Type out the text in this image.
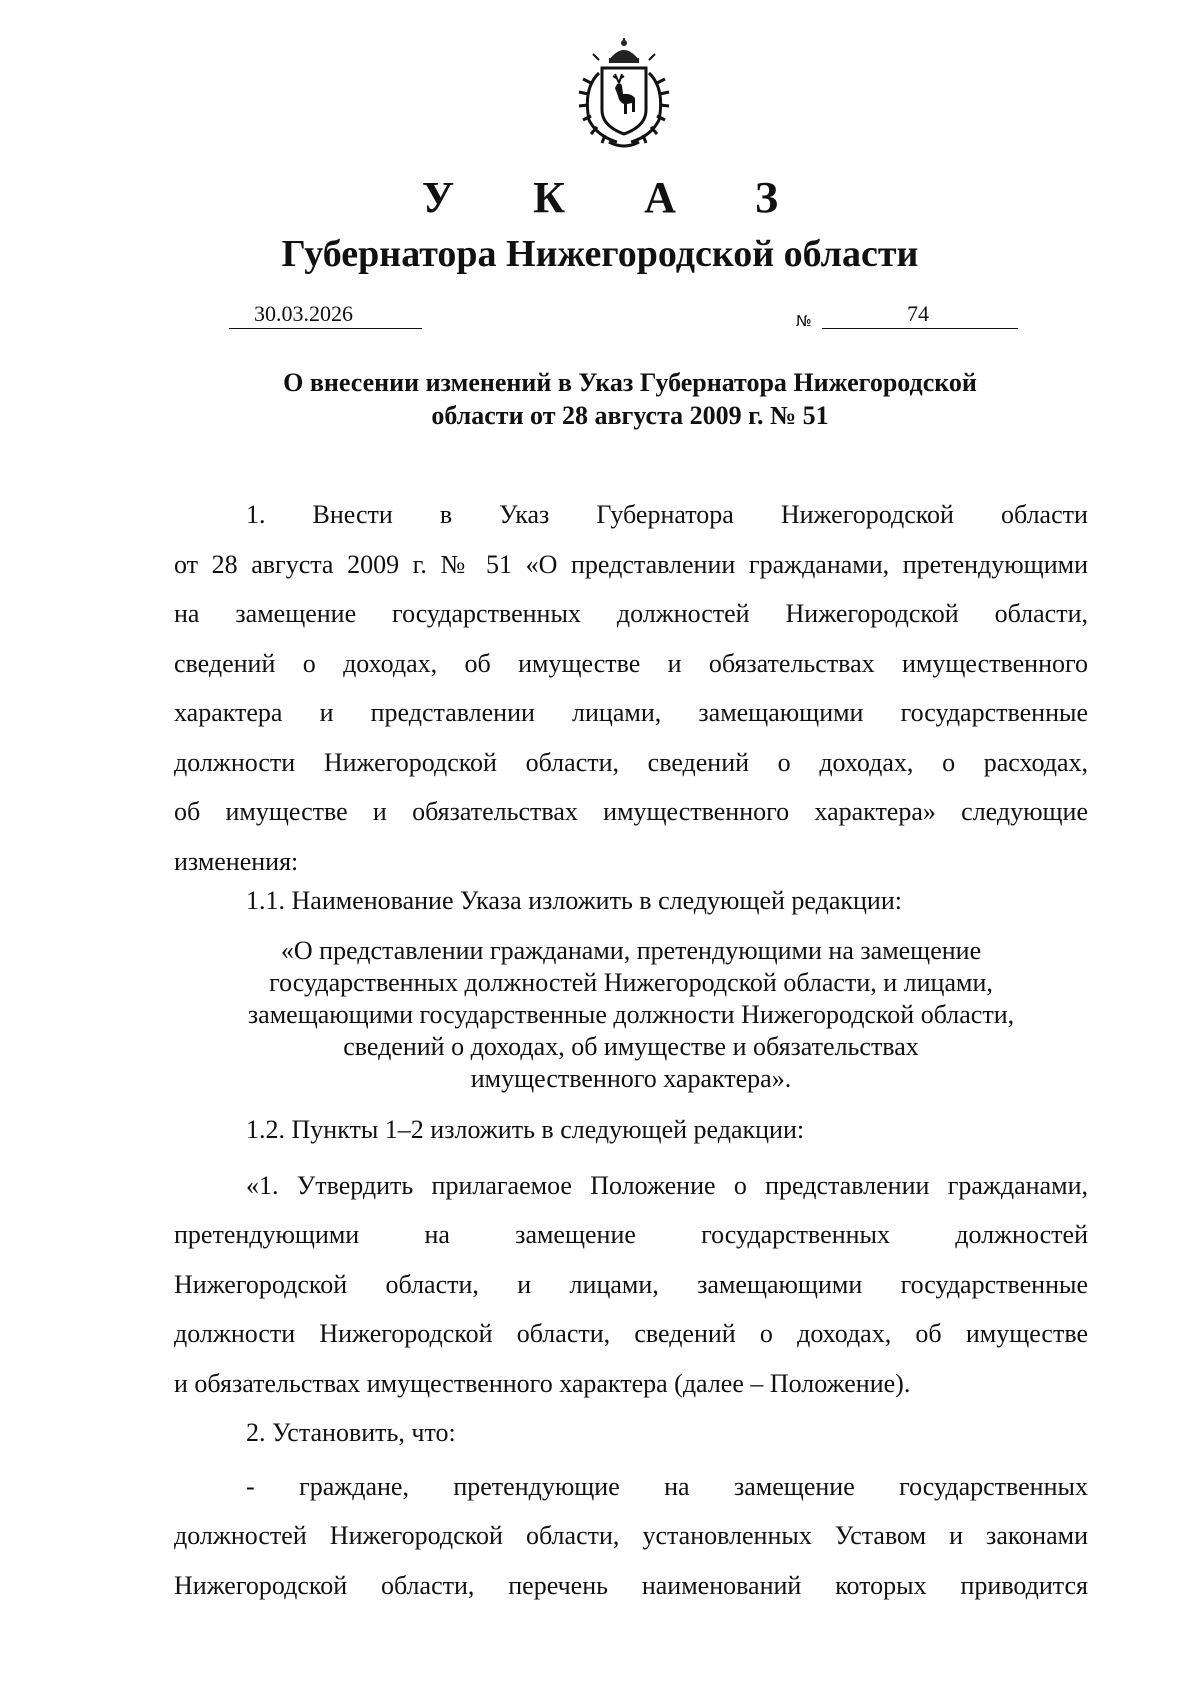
У К А З
Губернатора Нижегородской области
30.03.2026	№	74
О внесении изменений в Указ Губернатора Нижегородской
области от 28 августа 2009 г. № 51
1. Внести в Указ Губернатора Нижегородской области
от 28 августа 2009 г. № 51 «О представлении гражданами, претендующими
на замещение государственных должностей Нижегородской области,
сведений о доходах, об имуществе и обязательствах имущественного
характера и представлении лицами, замещающими государственные
должности Нижегородской области, сведений о доходах, о расходах,
об имуществе и обязательствах имущественного характера» следующие
изменения:
1.1. Наименование Указа изложить в следующей редакции:
«О представлении гражданами, претендующими на замещение
государственных должностей Нижегородской области, и лицами,
замещающими государственные должности Нижегородской области,
сведений о доходах, об имуществе и обязательствах
имущественного характера».
1.2. Пункты 1–2 изложить в следующей редакции:
«1. Утвердить прилагаемое Положение о представлении гражданами,
претендующими	на	замещение	государственных	должностей
Нижегородской области, и лицами, замещающими государственные
должности Нижегородской области, сведений о доходах, об имуществе
и обязательствах имущественного характера (далее – Положение).
2. Установить, что:
- граждане, претендующие на замещение государственных
должностей Нижегородской области, установленных Уставом и законами
Нижегородской области, перечень наименований которых приводится
